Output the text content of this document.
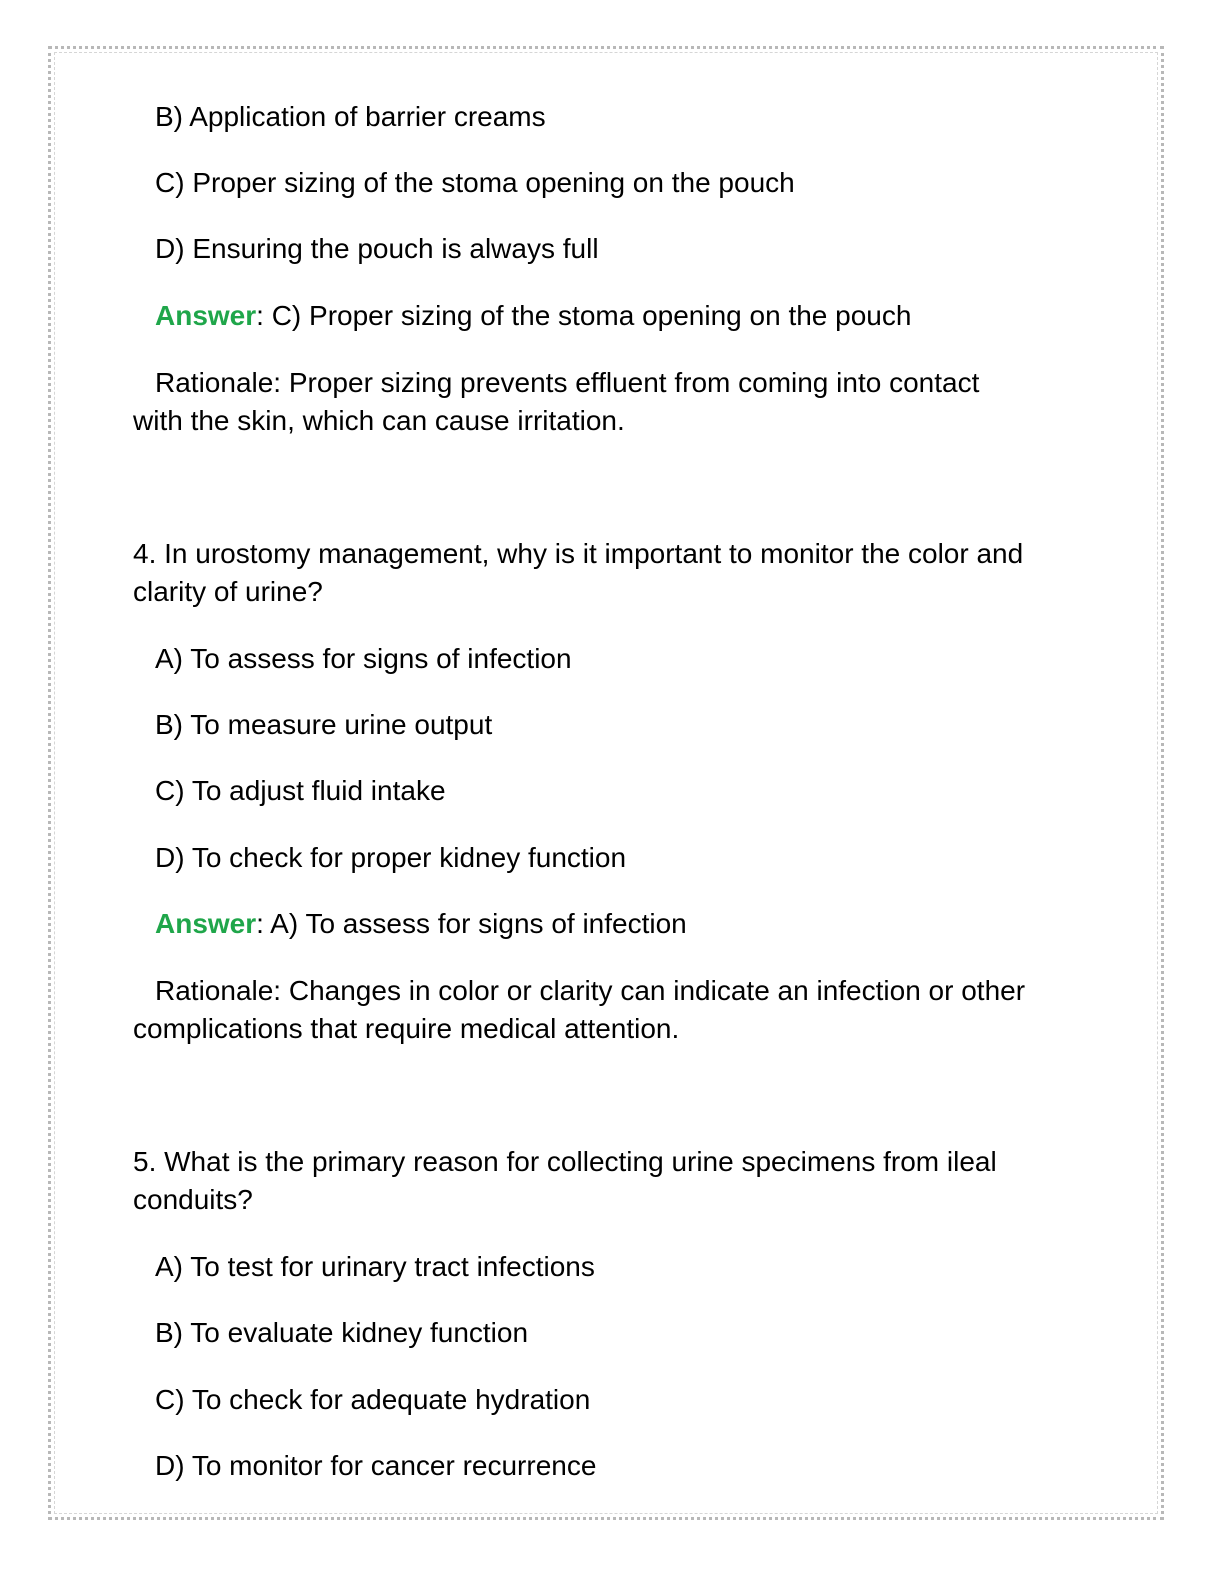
B) Application of barrier creams
C) Proper sizing of the stoma opening on the pouch
D) Ensuring the pouch is always full
Answer: C) Proper sizing of the stoma opening on the pouch
Rationale: Proper sizing prevents effluent from coming into contact
with the skin, which can cause irritation.
4. In urostomy management, why is it important to monitor the color and
clarity of urine?
A) To assess for signs of infection
B) To measure urine output
C) To adjust fluid intake
D) To check for proper kidney function
Answer: A) To assess for signs of infection
Rationale: Changes in color or clarity can indicate an infection or other
complications that require medical attention.
5. What is the primary reason for collecting urine specimens from ileal
conduits?
A) To test for urinary tract infections
B) To evaluate kidney function
C) To check for adequate hydration
D) To monitor for cancer recurrence
